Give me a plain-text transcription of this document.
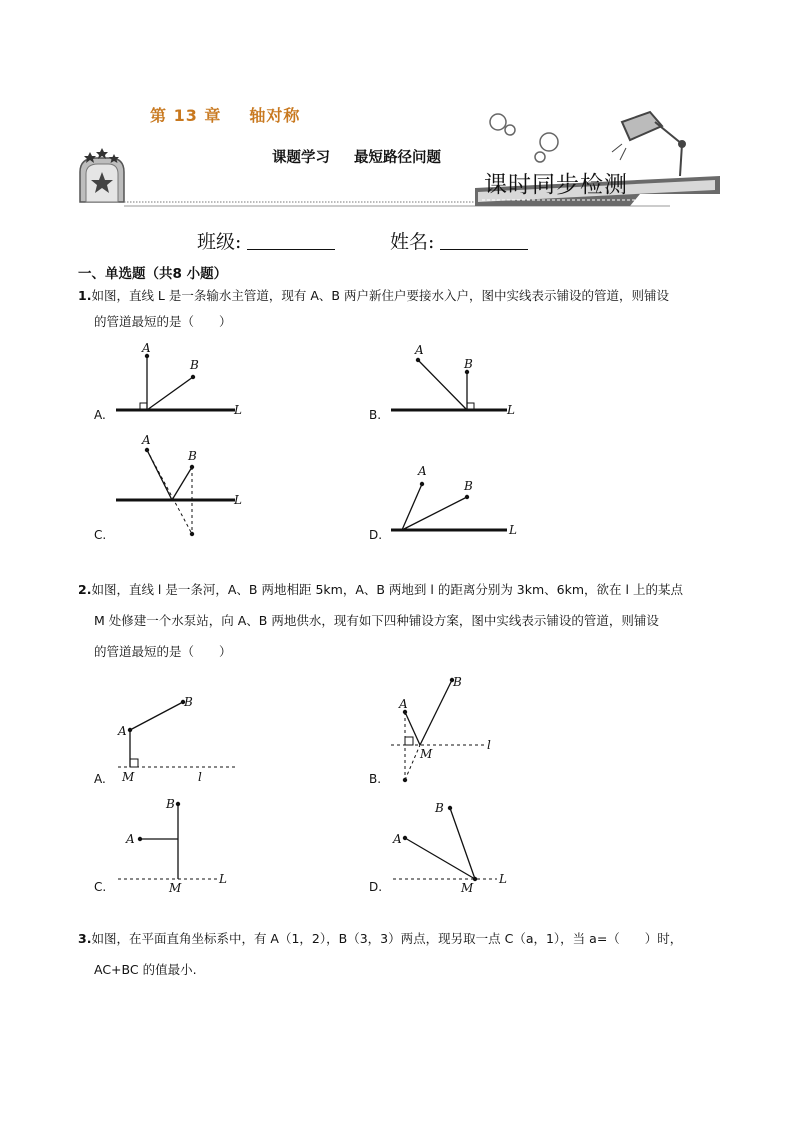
第 13 章 轴对称
课题学习 最短路径问题
课时同步检测
班级:	姓名:
一、单选题（共8 小题）
1.如图，直线 L 是一条输水主管道，现有 A、B 两户新住户要接水入户，图中实线表示铺设的管道，则铺设
的管道最短的是（　　）
A
B
L
A.
A
B
L
B.
A
B
L
C.
A
B
L
D.
2.如图，直线 l 是一条河，A、B 两地相距 5km，A、B 两地到 l 的距离分别为 3km、6km，欲在 l 上的某点
M 处修建一个水泵站，向 A、B 两地供水，现有如下四种铺设方案，图中实线表示铺设的管道，则铺设
的管道最短的是（　　）
A
B
M	l
A.
A
B
M
l
B.
A
B
M
L
C.
A
B
M
L
D.
3.如图，在平面直角坐标系中，有 A（1，2），B（3，3）两点，现另取一点 C（a，1），当 a=（　　）时，
AC+BC 的值最小.
